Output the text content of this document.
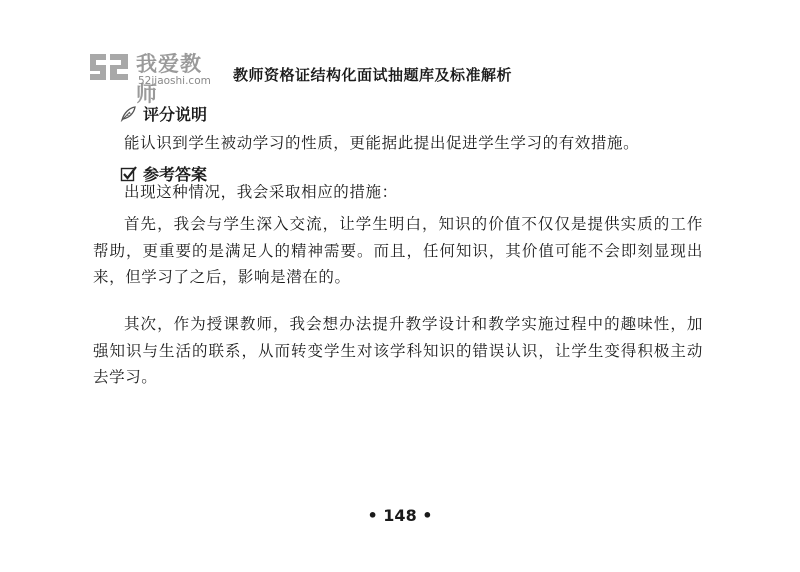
我爱教师
52jiaoshi.com 教师资格证结构化面试抽题库及标准解析
评分说明
能认识到学生被动学习的性质，更能据此提出促进学生学习的有效措施。
参考答案
出现这种情况，我会采取相应的措施：
首先，我会与学生深入交流，让学生明白，知识的价值不仅仅是提供实质的工作帮助，更重要的是满足人的精神需要。而且，任何知识，其价值可能不会即刻显现出来，但学习了之后，影响是潜在的。
其次，作为授课教师，我会想办法提升教学设计和教学实施过程中的趣味性，加强知识与生活的联系，从而转变学生对该学科知识的错误认识，让学生变得积极主动去学习。
• 148 •
